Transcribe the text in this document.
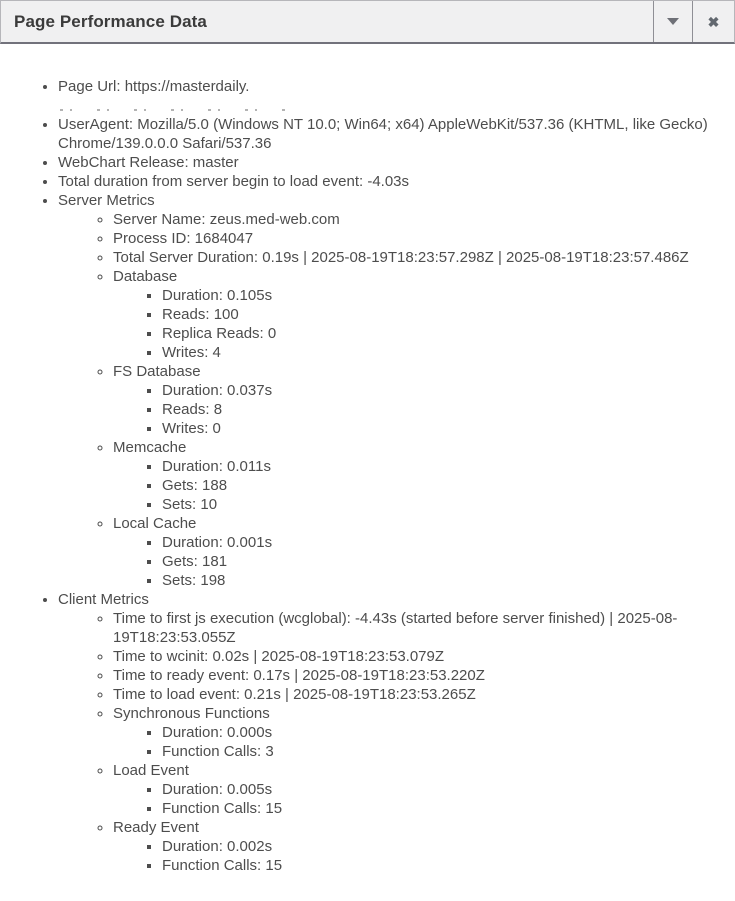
Page Performance Data	✖
• Page Url: https://masterdaily.
• UserAgent: Mozilla/5.0 (Windows NT 10.0; Win64; x64) AppleWebKit/537.36 (KHTML, like Gecko) Chrome/139.0.0.0 Safari/537.36
• WebChart Release: master
• Total duration from server begin to load event: -4.03s
• Server Metrics
◦ Server Name: zeus.med-web.com
◦ Process ID: 1684047
◦ Total Server Duration: 0.19s | 2025-08-19T18:23:57.298Z | 2025-08-19T18:23:57.486Z
◦ Database
▪ Duration: 0.105s
▪ Reads: 100
▪ Replica Reads: 0
▪ Writes: 4
◦ FS Database
▪ Duration: 0.037s
▪ Reads: 8
▪ Writes: 0
◦ Memcache
▪ Duration: 0.011s
▪ Gets: 188
▪ Sets: 10
◦ Local Cache
▪ Duration: 0.001s
▪ Gets: 181
▪ Sets: 198
• Client Metrics
◦ Time to first js execution (wcglobal): -4.43s (started before server finished) | 2025-08-19T18:23:53.055Z
◦ Time to wcinit: 0.02s | 2025-08-19T18:23:53.079Z
◦ Time to ready event: 0.17s | 2025-08-19T18:23:53.220Z
◦ Time to load event: 0.21s | 2025-08-19T18:23:53.265Z
◦ Synchronous Functions
▪ Duration: 0.000s
▪ Function Calls: 3
◦ Load Event
▪ Duration: 0.005s
▪ Function Calls: 15
◦ Ready Event
▪ Duration: 0.002s
▪ Function Calls: 15
